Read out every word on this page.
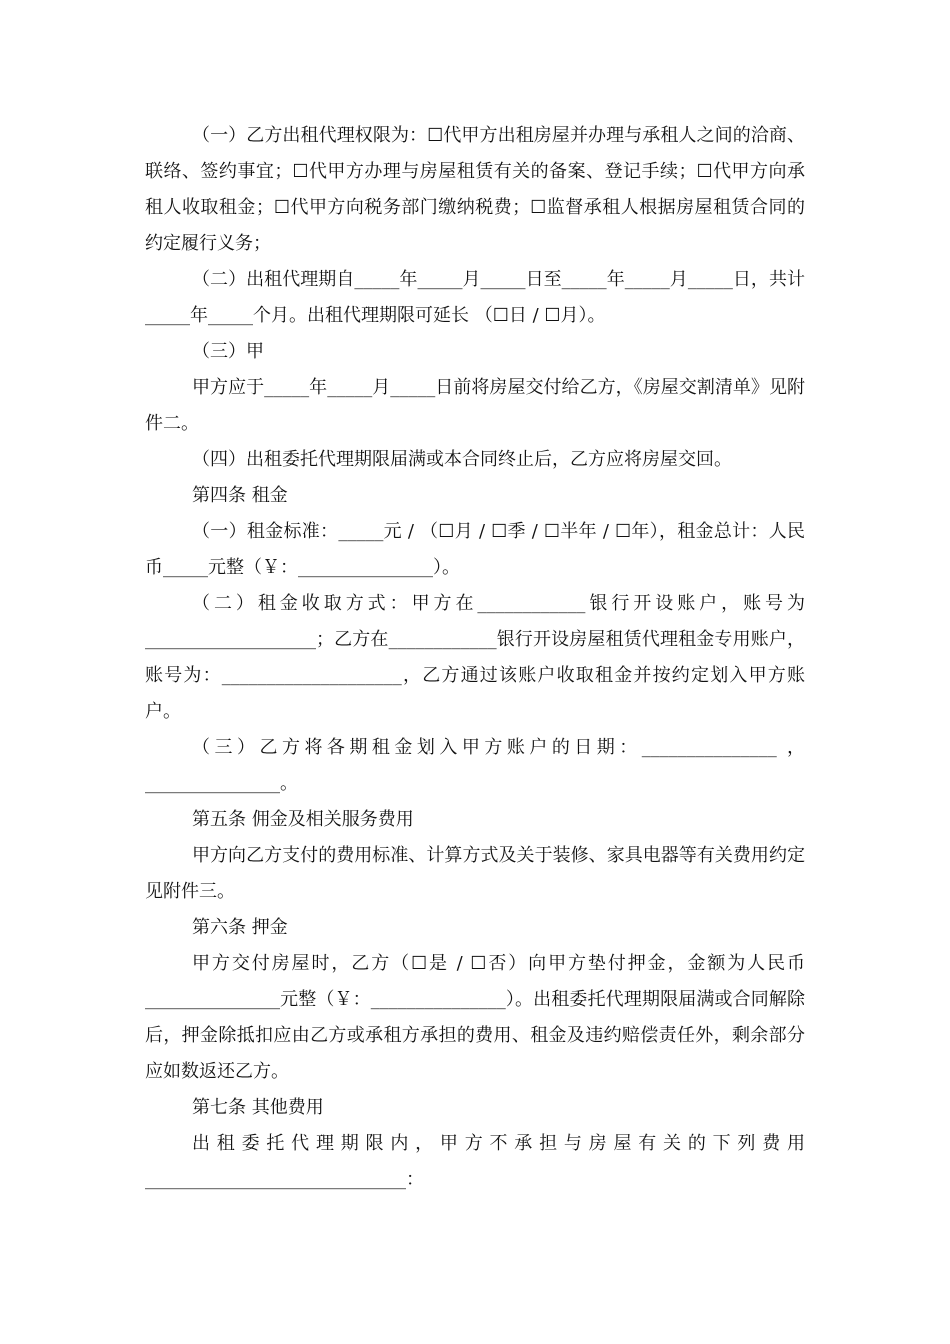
（一）乙方出租代理权限为：☐代甲方出租房屋并办理与承租人之间的洽商、联络、签约事宜；☐代甲方办理与房屋租赁有关的备案、登记手续；☐代甲方向承租人收取租金；☐代甲方向税务部门缴纳税费；☐监督承租人根据房屋租赁合同的约定履行义务；

（二）出租代理期自_____年_____月_____日至_____年_____月_____日，共计_____年_____个月。出租代理期限可延长 （☐日 / ☐月）。

（三）甲

甲方应于_____年_____月_____日前将房屋交付给乙方，《房屋交割清单》见附件二。

（四）出租委托代理期限届满或本合同终止后，乙方应将房屋交回。

第四条 租金

（一）租金标准：_____元 / （☐月 / ☐季 / ☐半年 / ☐年），租金总计：人民币_____元整（￥：_______________）。

（二）租金收取方式：甲方在____________银行开设账户，账号为___________________；乙方在____________银行开设房屋租赁代理租金专用账户，账号为：____________________，乙方通过该账户收取租金并按约定划入甲方账户。

（三）乙方将各期租金划入甲方账户的日期：_______________ ，_______________。

第五条 佣金及相关服务费用

甲方向乙方支付的费用标准、计算方式及关于装修、家具电器等有关费用约定见附件三。

第六条 押金

甲方交付房屋时，乙方（☐是 / ☐否）向甲方垫付押金，金额为人民币_______________元整（￥：_______________）。出租委托代理期限届满或合同解除后，押金除抵扣应由乙方或承租方承担的费用、租金及违约赔偿责任外，剩余部分应如数返还乙方。

第七条 其他费用

出租委托代理期限内，甲方不承担与房屋有关的下列费用_____________________________：
